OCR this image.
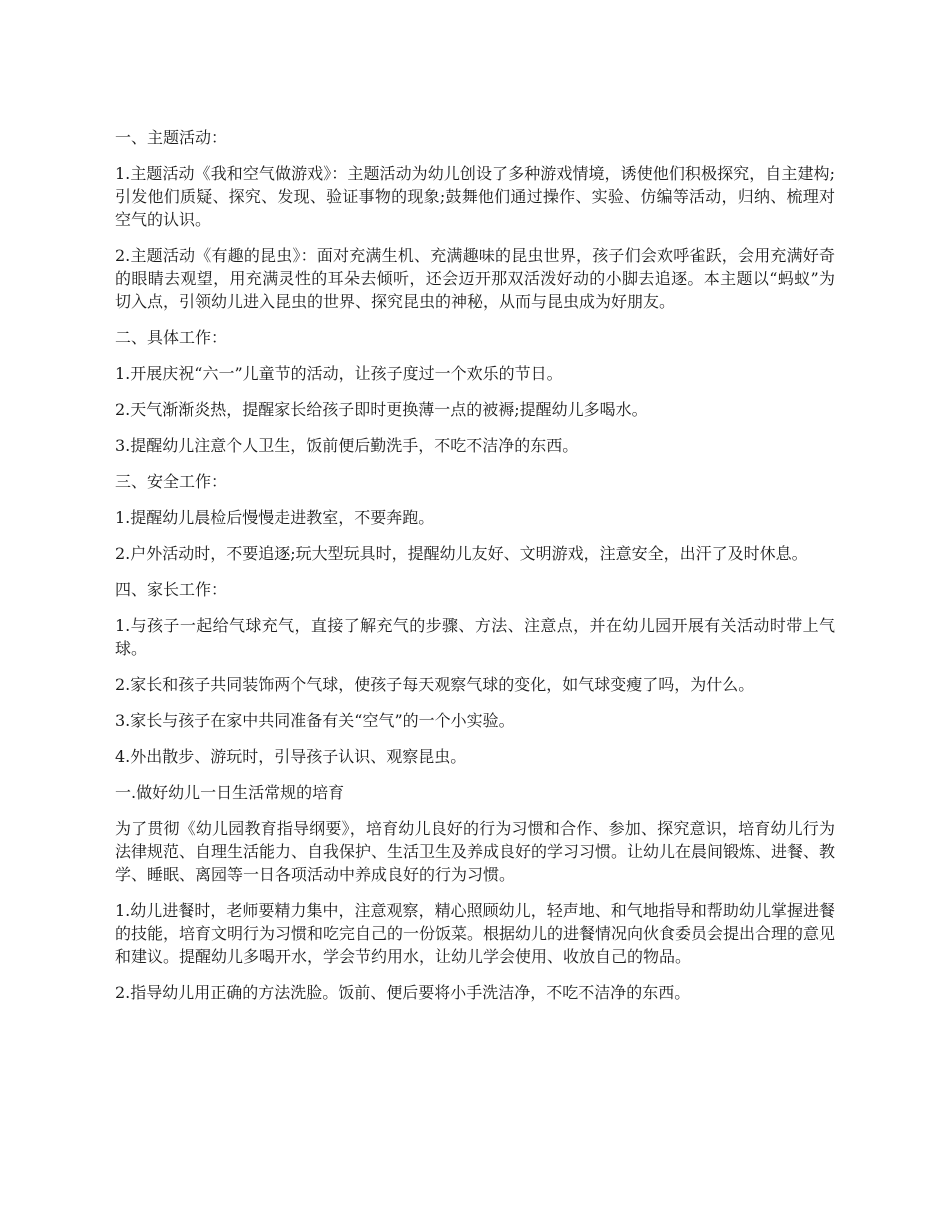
一、主题活动：

1.主题活动《我和空气做游戏》：主题活动为幼儿创设了多种游戏情境，诱使他们积极探究，自主建构;引发他们质疑、探究、发现、验证事物的现象;鼓舞他们通过操作、实验、仿编等活动，归纳、梳理对空气的认识。

2.主题活动《有趣的昆虫》：面对充满生机、充满趣味的昆虫世界，孩子们会欢呼雀跃，会用充满好奇的眼睛去观望，用充满灵性的耳朵去倾听，还会迈开那双活泼好动的小脚去追逐。本主题以“蚂蚁”为切入点，引领幼儿进入昆虫的世界、探究昆虫的神秘，从而与昆虫成为好朋友。

二、具体工作：

1.开展庆祝“六一”儿童节的活动，让孩子度过一个欢乐的节日。

2.天气渐渐炎热，提醒家长给孩子即时更换薄一点的被褥;提醒幼儿多喝水。

3.提醒幼儿注意个人卫生，饭前便后勤洗手，不吃不洁净的东西。

三、安全工作：

1.提醒幼儿晨检后慢慢走进教室，不要奔跑。

2.户外活动时，不要追逐;玩大型玩具时，提醒幼儿友好、文明游戏，注意安全，出汗了及时休息。

四、家长工作：

1.与孩子一起给气球充气，直接了解充气的步骤、方法、注意点，并在幼儿园开展有关活动时带上气球。

2.家长和孩子共同装饰两个气球，使孩子每天观察气球的变化，如气球变瘦了吗，为什么。

3.家长与孩子在家中共同准备有关“空气”的一个小实验。

4.外出散步、游玩时，引导孩子认识、观察昆虫。

一.做好幼儿一日生活常规的培育

为了贯彻《幼儿园教育指导纲要》，培育幼儿良好的行为习惯和合作、参加、探究意识，培育幼儿行为法律规范、自理生活能力、自我保护、生活卫生及养成良好的学习习惯。让幼儿在晨间锻炼、进餐、教学、睡眠、离园等一日各项活动中养成良好的行为习惯。

1.幼儿进餐时，老师要精力集中，注意观察，精心照顾幼儿，轻声地、和气地指导和帮助幼儿掌握进餐的技能，培育文明行为习惯和吃完自己的一份饭菜。根据幼儿的进餐情况向伙食委员会提出合理的意见和建议。提醒幼儿多喝开水，学会节约用水，让幼儿学会使用、收放自己的物品。

2.指导幼儿用正确的方法洗脸。饭前、便后要将小手洗洁净，不吃不洁净的东西。
